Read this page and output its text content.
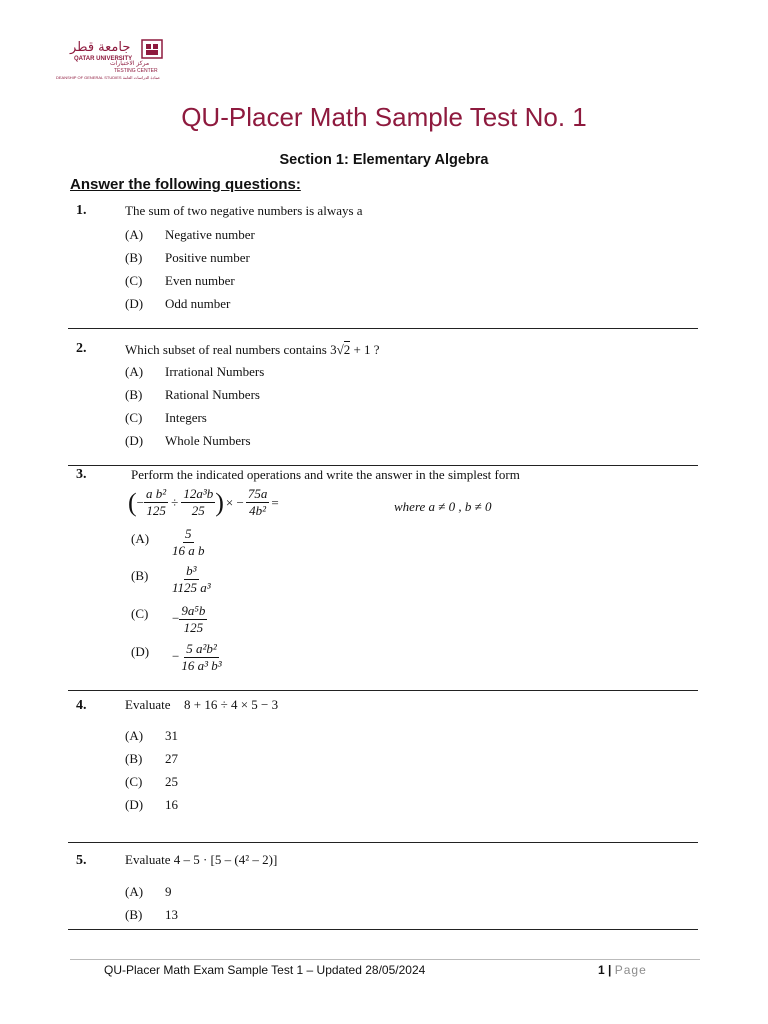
جامعة قطر
QATAR UNIVERSITY
مركز الاختبارات
TESTING CENTER
DEANSHIP OF GENERAL STUDIES عمادة الدراسات العامة
QU-Placer Math Sample Test No. 1
Section 1: Elementary Algebra
Answer the following questions:
1.	The sum of two negative numbers is always a
(A) Negative number
(B) Positive number
(C) Even number
(D) Odd number
2.	Which subset of real numbers contains 3√2 + 1 ?
(A) Irrational Numbers
(B) Rational Numbers
(C) Integers
(D) Whole Numbers
3.	Perform the indicated operations and write the answer in the simplest form
( − $\frac{\text{a b²}}{125} \div \frac{\text{12a³b}}{25}$ ) × − $\frac{75a}{\text{4b²}}$ =	where a ≠ 0 , b ≠ 0
$(A) \frac{5}{\text{16 a b}}$
$(B) \frac{\text{b³}}{\text{1125 a³}}$
$(C) - \frac{\text{9a⁵b}}{125}$
$(D) - \frac{\text{5 a²b²}}{\text{16 a³ b³}}$
4.	Evaluate 8 + 16 ÷ 4 × 5 − 3
(A) 31
(B) 27
(C) 25
(D) 16
5.	Evaluate 4 – 5 · [5 – (4² – 2)]
(A) 9
(B) 13
QU-Placer Math Exam Sample Test 1 – Updated 28/05/2024	1 | Page
